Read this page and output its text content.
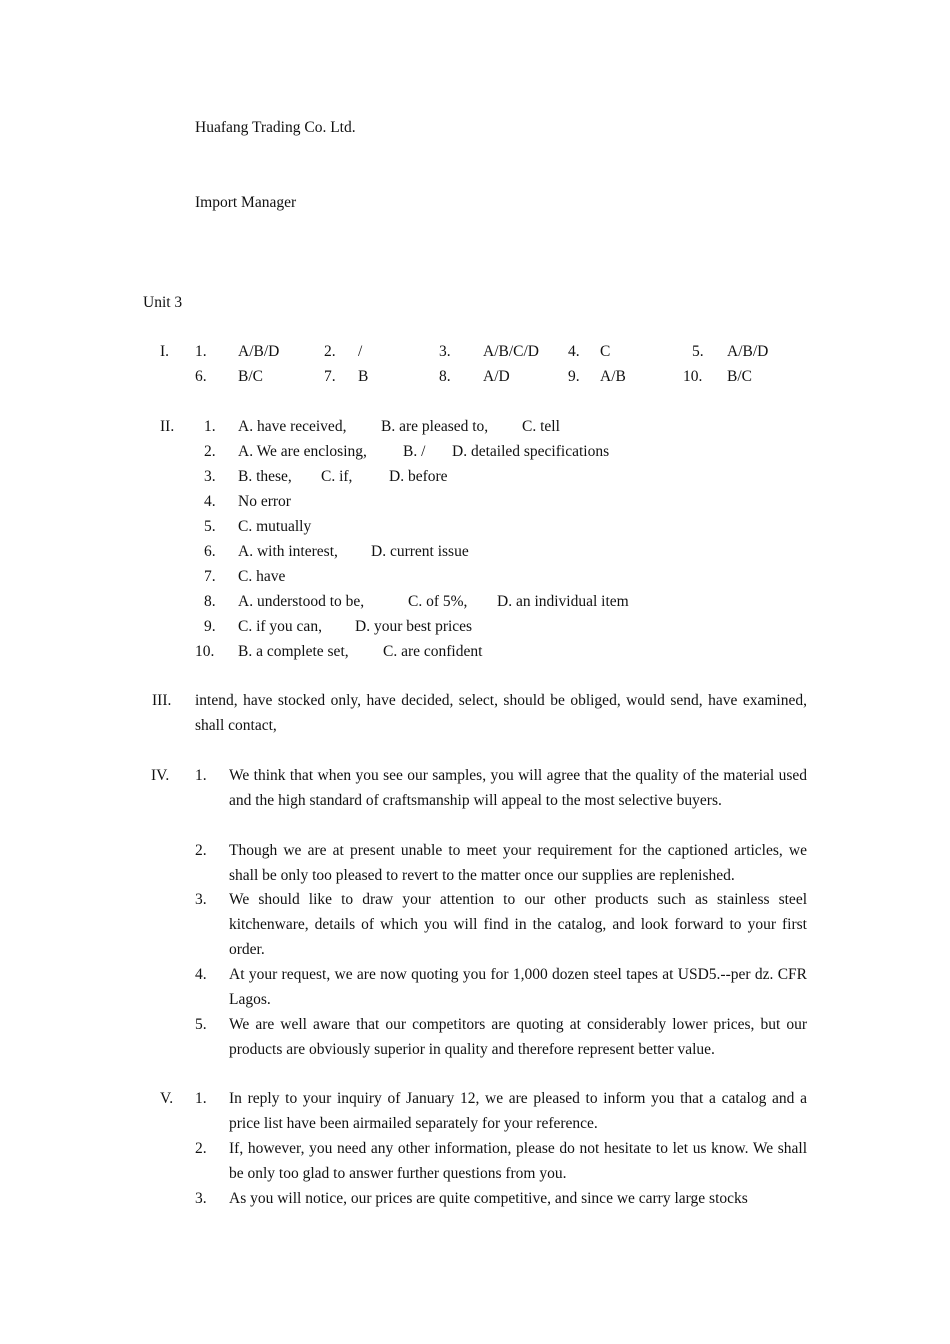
Huafang Trading Co. Ltd.
Import Manager
Unit 3
I. 1. A/B/D	2. /	3. A/B/C/D 4. C	5. A/B/D
6. B/C	7. B	8. A/D	9. A/B	10. B/C
II. 1. A. have received, B. are pleased to, C. tell
2. A. We are enclosing, B. / D. detailed specifications
3. B. these, C. if, D. before
4. No error
5. C. mutually
6. A. with interest, D. current issue
7. C. have
8. A. understood to be,	C. of 5%, D. an individual item
9. C. if you can, D. your best prices
10. B. a complete set, C. are confident
III. intend, have stocked only, have decided, select, should be obliged, would send, have examined, shall contact,
IV. 1. We think that when you see our samples, you will agree that the quality of the material used and the high standard of craftsmanship will appeal to the most selective buyers.
2. Though we are at present unable to meet your requirement for the captioned articles, we shall be only too pleased to revert to the matter once our supplies are replenished.
3. We should like to draw your attention to our other products such as stainless steel kitchenware, details of which you will find in the catalog, and look forward to your first order.
4. At your request, we are now quoting you for 1,000 dozen steel tapes at USD5.--per dz. CFR Lagos.
5. We are well aware that our competitors are quoting at considerably lower prices, but our products are obviously superior in quality and therefore represent better value.
V. 1. In reply to your inquiry of January 12, we are pleased to inform you that a catalog and a price list have been airmailed separately for your reference.
2. If, however, you need any other information, please do not hesitate to let us know. We shall be only too glad to answer further questions from you.
3. As you will notice, our prices are quite competitive, and since we carry large stocks
